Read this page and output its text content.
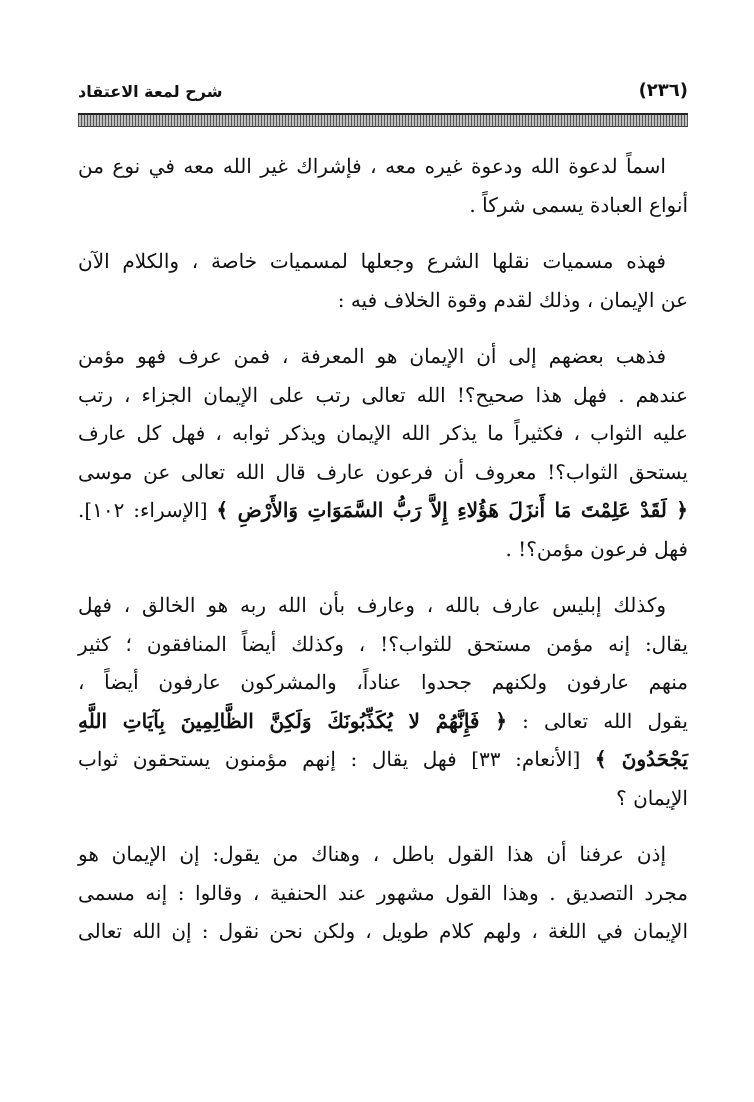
(٢٣٦)
شرح لمعة الاعتقاد

اسماً لدعوة الله ودعوة غيره معه ، فإشراك غير الله معه في نوع من
أنواع العبادة يسمى شركاً .

فهذه مسميات نقلها الشرع وجعلها لمسميات خاصة ، والكلام الآن
عن الإيمان ، وذلك لقدم وقوة الخلاف فيه :

فذهب بعضهم إلى أن الإيمان هو المعرفة ، فمن عرف فهو مؤمن
عندهم . فهل هذا صحيح؟! الله تعالى رتب على الإيمان الجزاء ، رتب
عليه الثواب ، فكثيراً ما يذكر الله الإيمان ويذكر ثوابه ، فهل كل عارف
يستحق الثواب؟! معروف أن فرعون عارف قال الله تعالى عن موسى
﴿ لَقَدْ عَلِمْتَ مَا أَنزَلَ هَؤُلاءِ إِلاَّ رَبُّ السَّمَوَاتِ وَالأَرْضِ ﴾ [الإسراء: ١٠٢].
فهل فرعون مؤمن؟! .

وكذلك إبليس عارف بالله ، وعارف بأن الله ربه هو الخالق ، فهل
يقال: إنه مؤمن مستحق للثواب؟! ، وكذلك أيضاً المنافقون ؛ كثير
منهم عارفون ولكنهم جحدوا عناداً، والمشركون عارفون أيضاً ،
يقول الله تعالى : ﴿ فَإِنَّهُمْ لا يُكَذِّبُونَكَ وَلَكِنَّ الظَّالِمِينَ بِآيَاتِ اللَّهِ
يَجْحَدُونَ ﴾ [الأنعام: ٣٣] فهل يقال : إنهم مؤمنون يستحقون ثواب
الإيمان ؟

إذن عرفنا أن هذا القول باطل ، وهناك من يقول: إن الإيمان هو
مجرد التصديق . وهذا القول مشهور عند الحنفية ، وقالوا : إنه مسمى
الإيمان في اللغة ، ولهم كلام طويل ، ولكن نحن نقول : إن الله تعالى
